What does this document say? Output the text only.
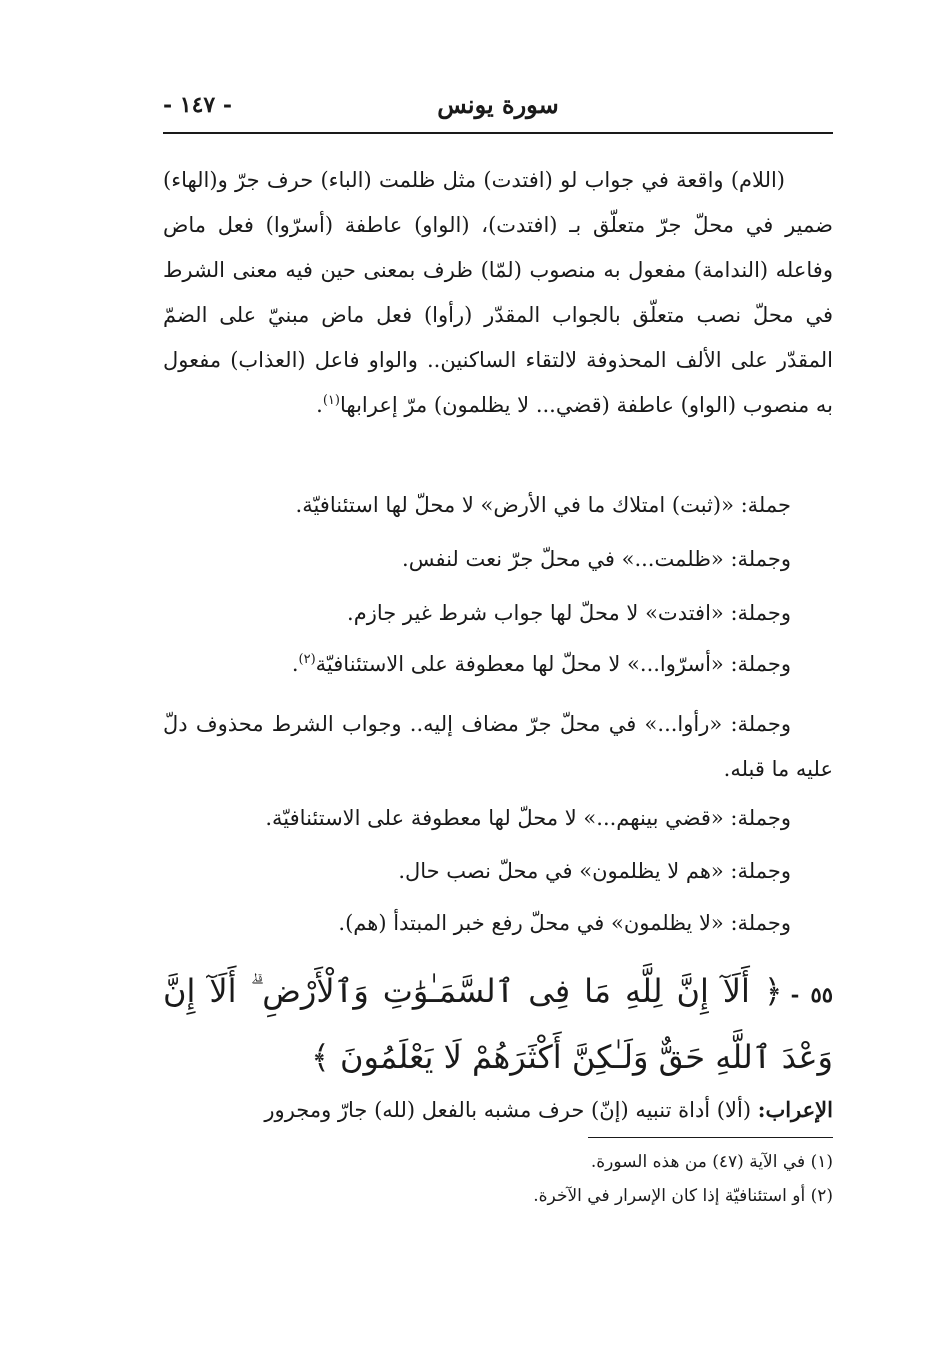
سورة يونس
- ١٤٧ -
(اللام) واقعة في جواب لو (افتدت) مثل ظلمت (الباء) حرف جرّ و(الهاء) ضمير في محلّ جرّ متعلّق بـ (افتدت)، (الواو) عاطفة (أسرّوا) فعل ماض وفاعله (الندامة) مفعول به منصوب (لمّا) ظرف بمعنى حين فيه معنى الشرط في محلّ نصب متعلّق بالجواب المقدّر (رأوا) فعل ماض مبنيّ على الضمّ المقدّر على الألف المحذوفة لالتقاء الساكنين.. والواو فاعل (العذاب) مفعول به منصوب (الواو) عاطفة (قضي... لا يظلمون) مرّ إعرابها$^{(١)}$.
جملة: «(ثبت) امتلاك ما في الأرض» لا محلّ لها استئنافيّة.
وجملة: «ظلمت...» في محلّ جرّ نعت لنفس.
وجملة: «افتدت» لا محلّ لها جواب شرط غير جازم.
وجملة: «أسرّوا...» لا محلّ لها معطوفة على الاستئنافيّة$^{(٢)}$.
وجملة: «رأوا...» في محلّ جرّ مضاف إليه.. وجواب الشرط محذوف دلّ عليه ما قبله.
وجملة: «قضي بينهم...» لا محلّ لها معطوفة على الاستئنافيّة.
وجملة: «هم لا يظلمون» في محلّ نصب حال.
وجملة: «لا يظلمون» في محلّ رفع خبر المبتدأ (هم).
٥٥ -﴿ أَلَآ إِنَّ لِلَّهِ مَا فِى ٱلسَّمَـٰوَٰتِ وَٱلْأَرْضِ ۗ أَلَآ إِنَّ وَعْدَ ٱللَّهِ حَقٌّ وَلَـٰكِنَّ أَكْثَرَهُمْ لَا يَعْلَمُونَ ﴾
الإعراب: (ألا) أداة تنبيه (إنّ) حرف مشبه بالفعل (لله) جارّ ومجرور
(١) في الآية (٤٧) من هذه السورة.
(٢) أو استئنافيّة إذا كان الإسرار في الآخرة.
